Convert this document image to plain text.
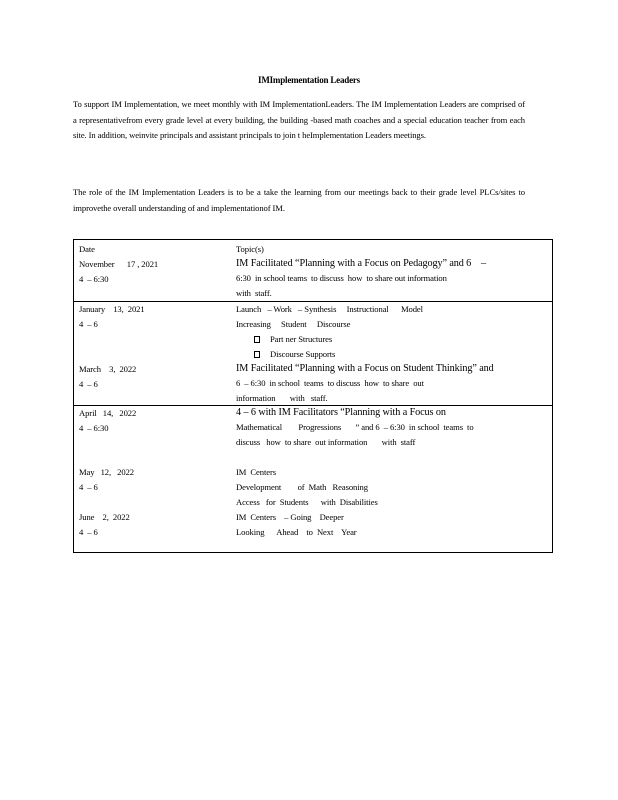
IMImplementation Leaders
To support IM Implementation, we meet monthly with IM ImplementationLeaders. The IM Implementation Leaders are comprised of a representativefrom every grade level at every building, the building -based math coaches and a special education teacher from each site. In addition, weinvite principals and assistant principals to join t heImplementation Leaders meetings.
The role of the IM Implementation Leaders is to be a take the learning from our meetings back to their grade level PLCs/sites to improvethe overall understanding of and implementationof IM.
Date	Topic(s)
November      17 , 2021
4  – 6:30
IM Facilitated “Planning with a Focus on Pedagogy” and 6    –
6:30  in school teams  to discuss  how  to share out information
with  staff.
January    13,  2021
4  – 6
Launch   – Work   – Synthesis     Instructional      Model
Increasing     Student     Discourse
Part ner Structures
Discourse Supports
March    3,  2022
4  – 6
IM Facilitated “Planning with a Focus on Student Thinking” and
6  – 6:30  in school  teams  to discuss  how  to share  out
information       with   staff.
April   14,   2022
4  – 6:30
4 – 6 with IM Facilitators “Planning with a Focus on
Mathematical        Progressions       ” and 6  – 6:30  in school  teams  to
discuss   how  to share  out information       with  staff
May   12,   2022
4  – 6
IM  Centers
Development        of  Math   Reasoning
Access   for  Students      with  Disabilities
June    2,  2022
4  – 6
IM  Centers    – Going    Deeper
Looking      Ahead    to  Next    Year
